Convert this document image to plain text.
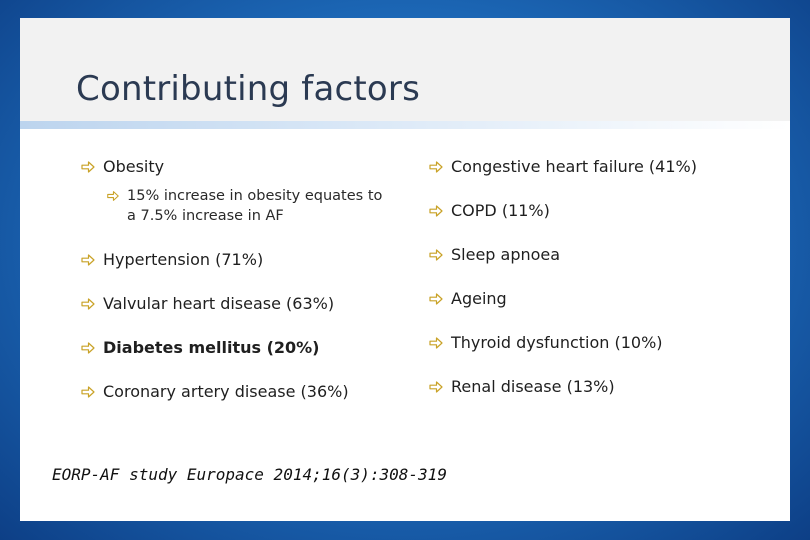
Contributing factors
Obesity
15% increase in obesity equates to
a 7.5% increase in AF
Hypertension (71%)
Valvular heart disease (63%)
Diabetes mellitus (20%)
Coronary artery disease (36%)
Congestive heart failure (41%)
COPD (11%)
Sleep apnoea
Ageing
Thyroid dysfunction (10%)
Renal disease (13%)
EORP-AF study Europace 2014;16(3):308-319
